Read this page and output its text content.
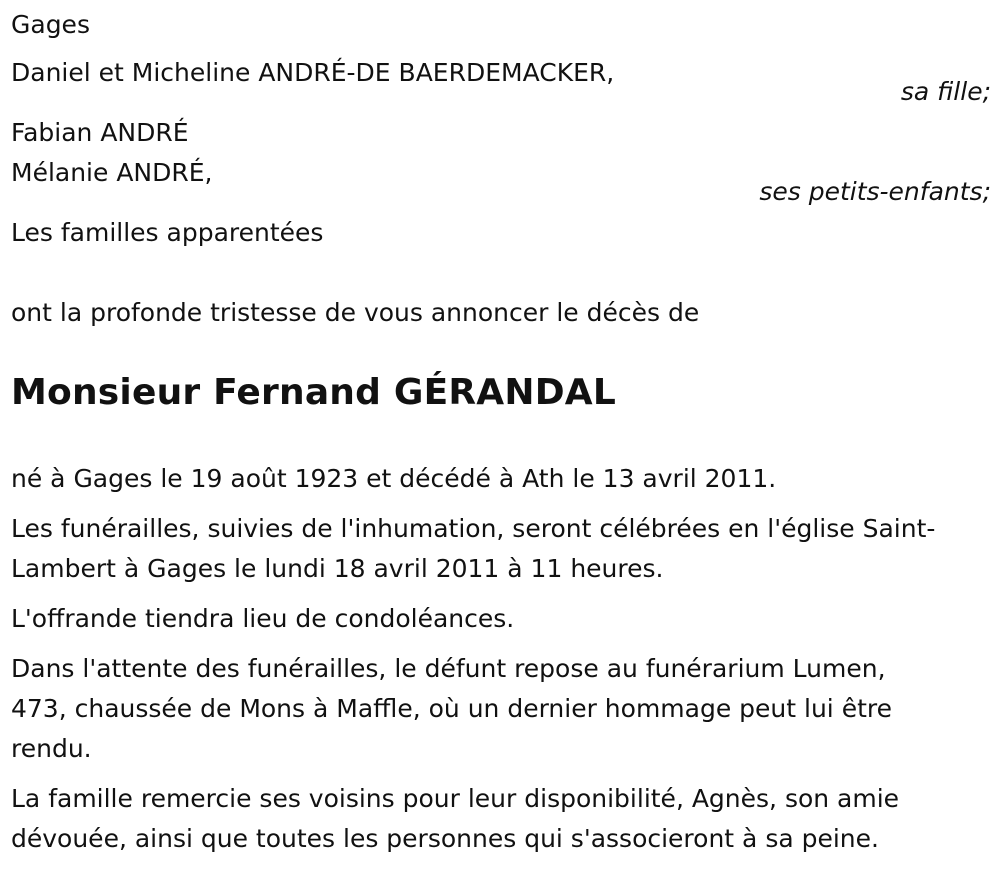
Gages
Daniel et Micheline ANDRÉ-DE BAERDEMACKER,
sa fille;
Fabian ANDRÉ
Mélanie ANDRÉ,
ses petits-enfants;
Les familles apparentées
ont la profonde tristesse de vous annoncer le décès de
Monsieur Fernand GÉRANDAL
né à Gages le 19 août 1923 et décédé à Ath le 13 avril 2011.
Les funérailles, suivies de l'inhumation, seront célébrées en l'église Saint-
Lambert à Gages le lundi 18 avril 2011 à 11 heures.
L'offrande tiendra lieu de condoléances.
Dans l'attente des funérailles, le défunt repose au funérarium Lumen,
473, chaussée de Mons à Maffle, où un dernier hommage peut lui être
rendu.
La famille remercie ses voisins pour leur disponibilité, Agnès, son amie
dévouée, ainsi que toutes les personnes qui s'associeront à sa peine.
